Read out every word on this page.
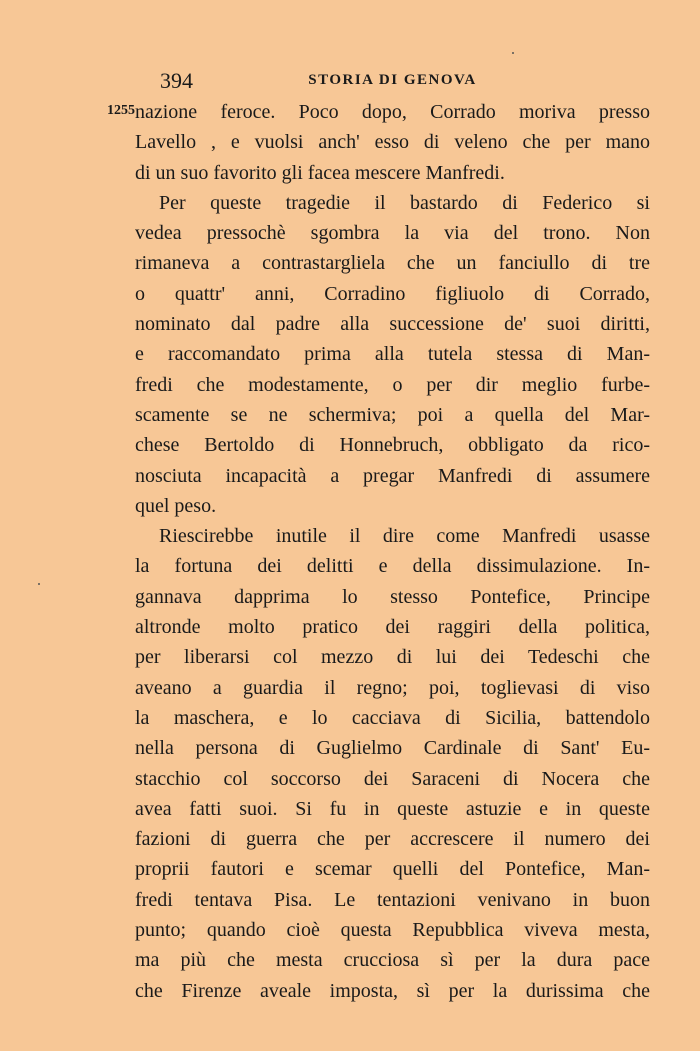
394	STORIA DI GENOVA
1255 nazione feroce. Poco dopo, Corrado moriva presso
Lavello , e vuolsi anch' esso di veleno che per mano
di un suo favorito gli facea mescere Manfredi.
Per queste tragedie il bastardo di Federico si
vedea pressochè sgombra la via del trono. Non
rimaneva a contrastargliela che un fanciullo di tre
o quattr' anni, Corradino figliuolo di Corrado,
nominato dal padre alla successione de' suoi diritti,
e raccomandato prima alla tutela stessa di Man-
fredi che modestamente, o per dir meglio furbe-
scamente se ne schermiva; poi a quella del Mar-
chese Bertoldo di Honnebruch, obbligato da rico-
nosciuta incapacità a pregar Manfredi di assumere
quel peso.
Riescirebbe inutile il dire come Manfredi usasse
la fortuna dei delitti e della dissimulazione. In-
gannava dapprima lo stesso Pontefice, Principe
altronde molto pratico dei raggiri della politica,
per liberarsi col mezzo di lui dei Tedeschi che
aveano a guardia il regno; poi, toglievasi di viso
la maschera, e lo cacciava di Sicilia, battendolo
nella persona di Guglielmo Cardinale di Sant' Eu-
stacchio col soccorso dei Saraceni di Nocera che
avea fatti suoi. Si fu in queste astuzie e in queste
fazioni di guerra che per accrescere il numero dei
proprii fautori e scemar quelli del Pontefice, Man-
fredi tentava Pisa. Le tentazioni venivano in buon
punto; quando cioè questa Repubblica viveva mesta,
ma più che mesta crucciosa sì per la dura pace
che Firenze aveale imposta, sì per la durissima che
